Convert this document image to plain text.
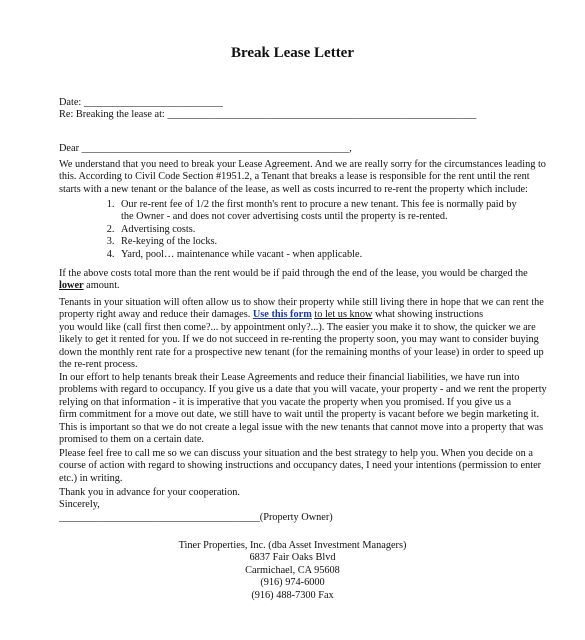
Break Lease Letter
Date: ___________________________
Re: Breaking the lease at: ____________________________________________________________
Dear ____________________________________________________,
We understand that you need to break your Lease Agreement. And we are really sorry for the circumstances leading to
this. According to Civil Code Section #1951.2, a Tenant that breaks a lease is responsible for the rent until the rent
starts with a new tenant or the balance of the lease, as well as costs incurred to re-rent the property which include:
1. Our re-rent fee of 1/2 the first month's rent to procure a new tenant. This fee is normally paid by
the Owner - and does not cover advertising costs until the property is re-rented.
2. Advertising costs.
3. Re-keying of the locks.
4. Yard, pool… maintenance while vacant - when applicable.
If the above costs total more than the rent would be if paid through the end of the lease, you would be charged the
lower amount.
Tenants in your situation will often allow us to show their property while still living there in hope that we can rent the
property right away and reduce their damages. Use this form to let us know what showing instructions
you would like (call first then come?... by appointment only?...). The easier you make it to show, the quicker we are
likely to get it rented for you. If we do not succeed in re-renting the property soon, you may want to consider buying
down the monthly rent rate for a prospective new tenant (for the remaining months of your lease) in order to speed up
the re-rent process.
In our effort to help tenants break their Lease Agreements and reduce their financial liabilities, we have run into
problems with regard to occupancy. If you give us a date that you will vacate, your property - and we rent the property
relying on that information - it is imperative that you vacate the property when you promised. If you give us a
firm commitment for a move out date, we still have to wait until the property is vacant before we begin marketing it.
This is important so that we do not create a legal issue with the new tenants that cannot move into a property that was
promised to them on a certain date.
Please feel free to call me so we can discuss your situation and the best strategy to help you. When you decide on a
course of action with regard to showing instructions and occupancy dates, I need your intentions (permission to enter
etc.) in writing.
Thank you in advance for your cooperation.
Sincerely,
_______________________________________(Property Owner)
Tiner Properties, Inc. (dba Asset Investment Managers)
6837 Fair Oaks Blvd
Carmichael, CA 95608
(916) 974-6000
(916) 488-7300 Fax
